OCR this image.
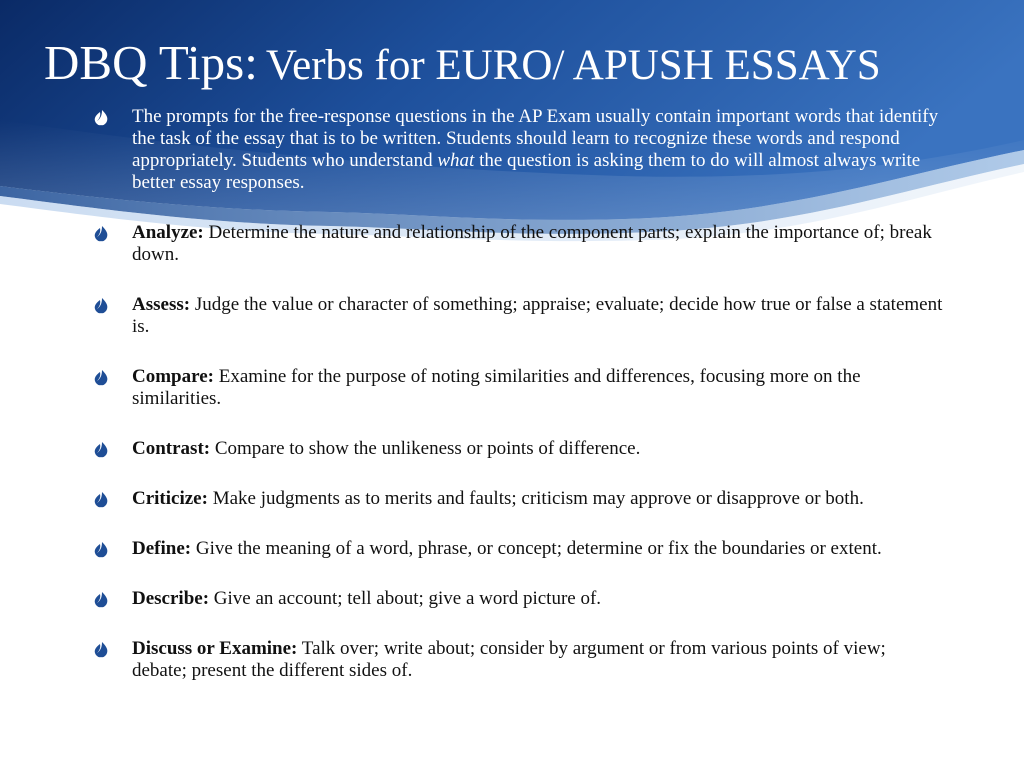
DBQ Tips: Verbs for EURO/ APUSH ESSAYS

The prompts for the free-response questions in the AP Exam usually contain important words that identify the task of the essay that is to be written. Students should learn to recognize these words and respond appropriately. Students who understand what the question is asking them to do will almost always write better essay responses.

Analyze: Determine the nature and relationship of the component parts; explain the importance of; break down.

Assess: Judge the value or character of something; appraise; evaluate; decide how true or false a statement is.

Compare: Examine for the purpose of noting similarities and differences, focusing more on the similarities.

Contrast: Compare to show the unlikeness or points of difference.

Criticize: Make judgments as to merits and faults; criticism may approve or disapprove or both.

Define: Give the meaning of a word, phrase, or concept; determine or fix the boundaries or extent.

Describe: Give an account; tell about; give a word picture of.

Discuss or Examine: Talk over; write about; consider by argument or from various points of view; debate; present the different sides of.
